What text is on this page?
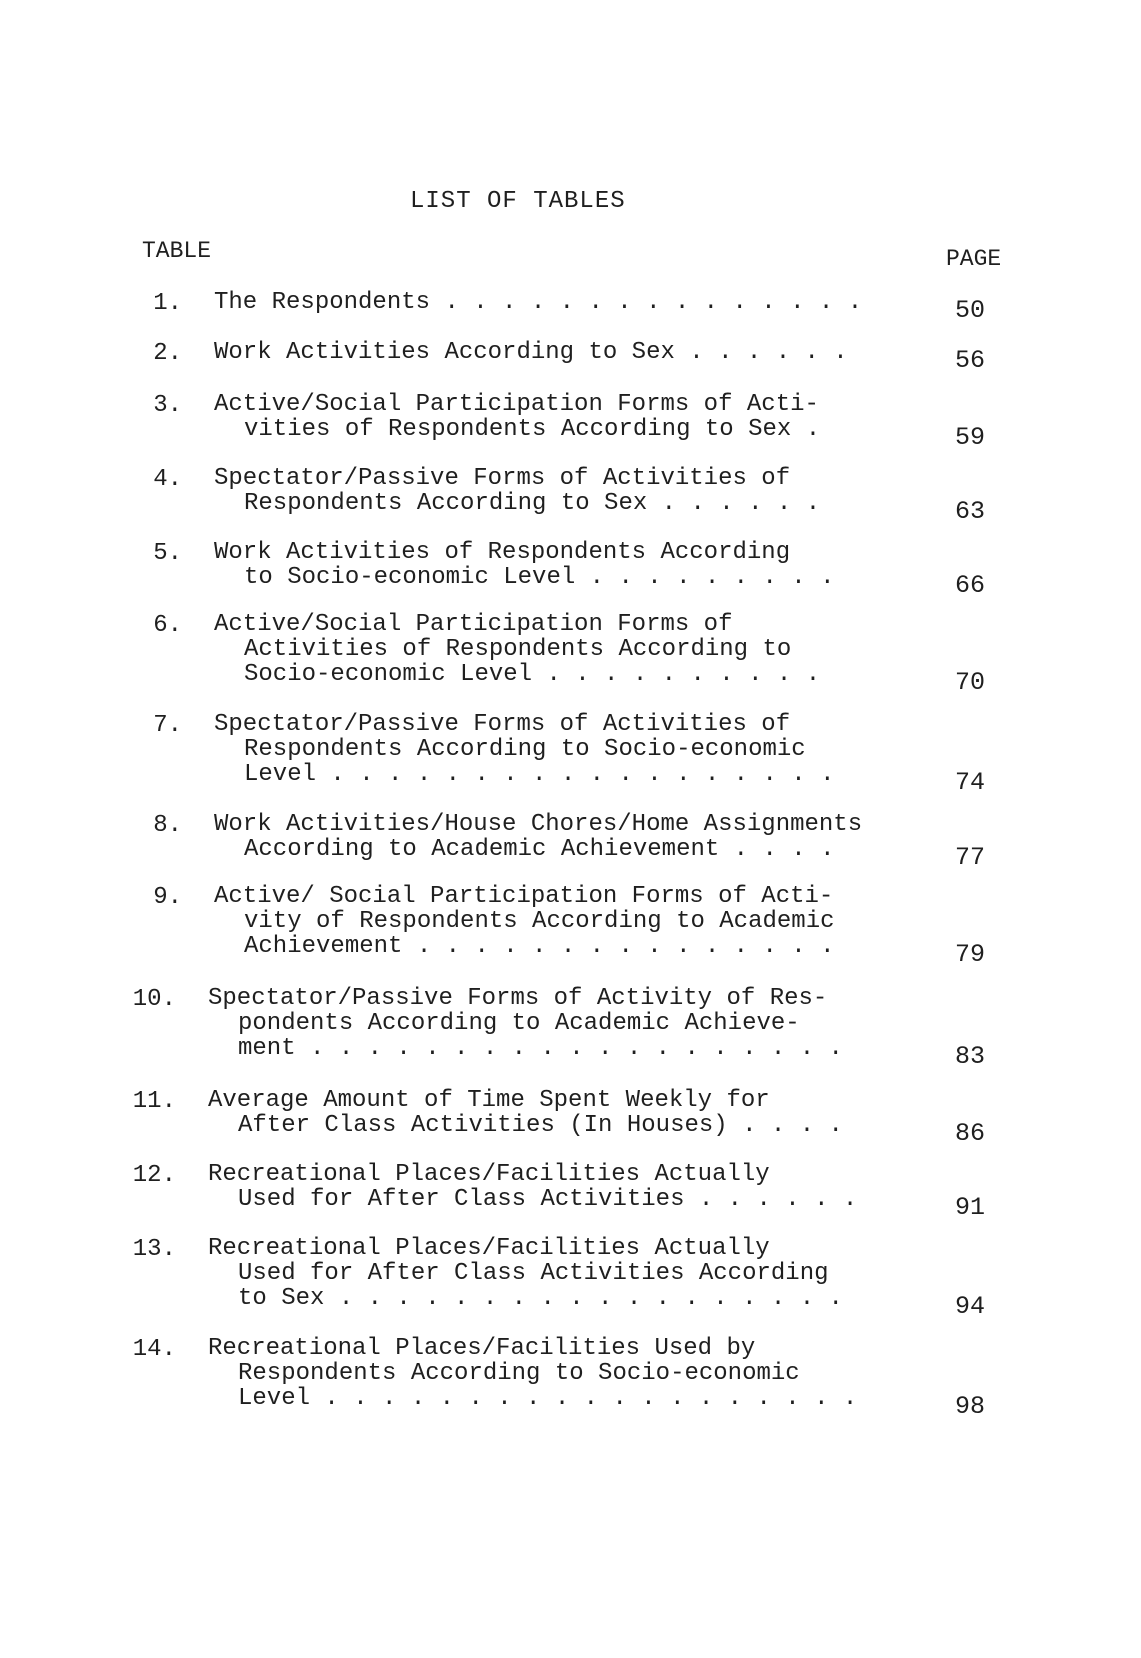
LIST OF TABLES
TABLE	PAGE
1. The Respondents . . . . . . . . . . . . . . .	50
2. Work Activities According to Sex . . . . . .	56
3. Active/Social Participation Forms of Acti-
vities of Respondents According to Sex .	59
4. Spectator/Passive Forms of Activities of
Respondents According to Sex . . . . . .	63
5. Work Activities of Respondents According
to Socio-economic Level . . . . . . . . .	66
6. Active/Social Participation Forms of
Activities of Respondents According to
Socio-economic Level . . . . . . . . . .	70
7. Spectator/Passive Forms of Activities of
Respondents According to Socio-economic
Level . . . . . . . . . . . . . . . . . .	74
8. Work Activities/House Chores/Home Assignments
According to Academic Achievement . . . .	77
9. Active/ Social Participation Forms of Acti-
vity of Respondents According to Academic
Achievement . . . . . . . . . . . . . . .	79
10. Spectator/Passive Forms of Activity of Res-
pondents According to Academic Achieve-
ment . . . . . . . . . . . . . . . . . . .	83
11. Average Amount of Time Spent Weekly for
After Class Activities (In Houses) . . . .	86
12. Recreational Places/Facilities Actually
Used for After Class Activities . . . . . .	91
13. Recreational Places/Facilities Actually
Used for After Class Activities According
to Sex . . . . . . . . . . . . . . . . . .	94
14. Recreational Places/Facilities Used by
Respondents According to Socio-economic
Level . . . . . . . . . . . . . . . . . . .	98
